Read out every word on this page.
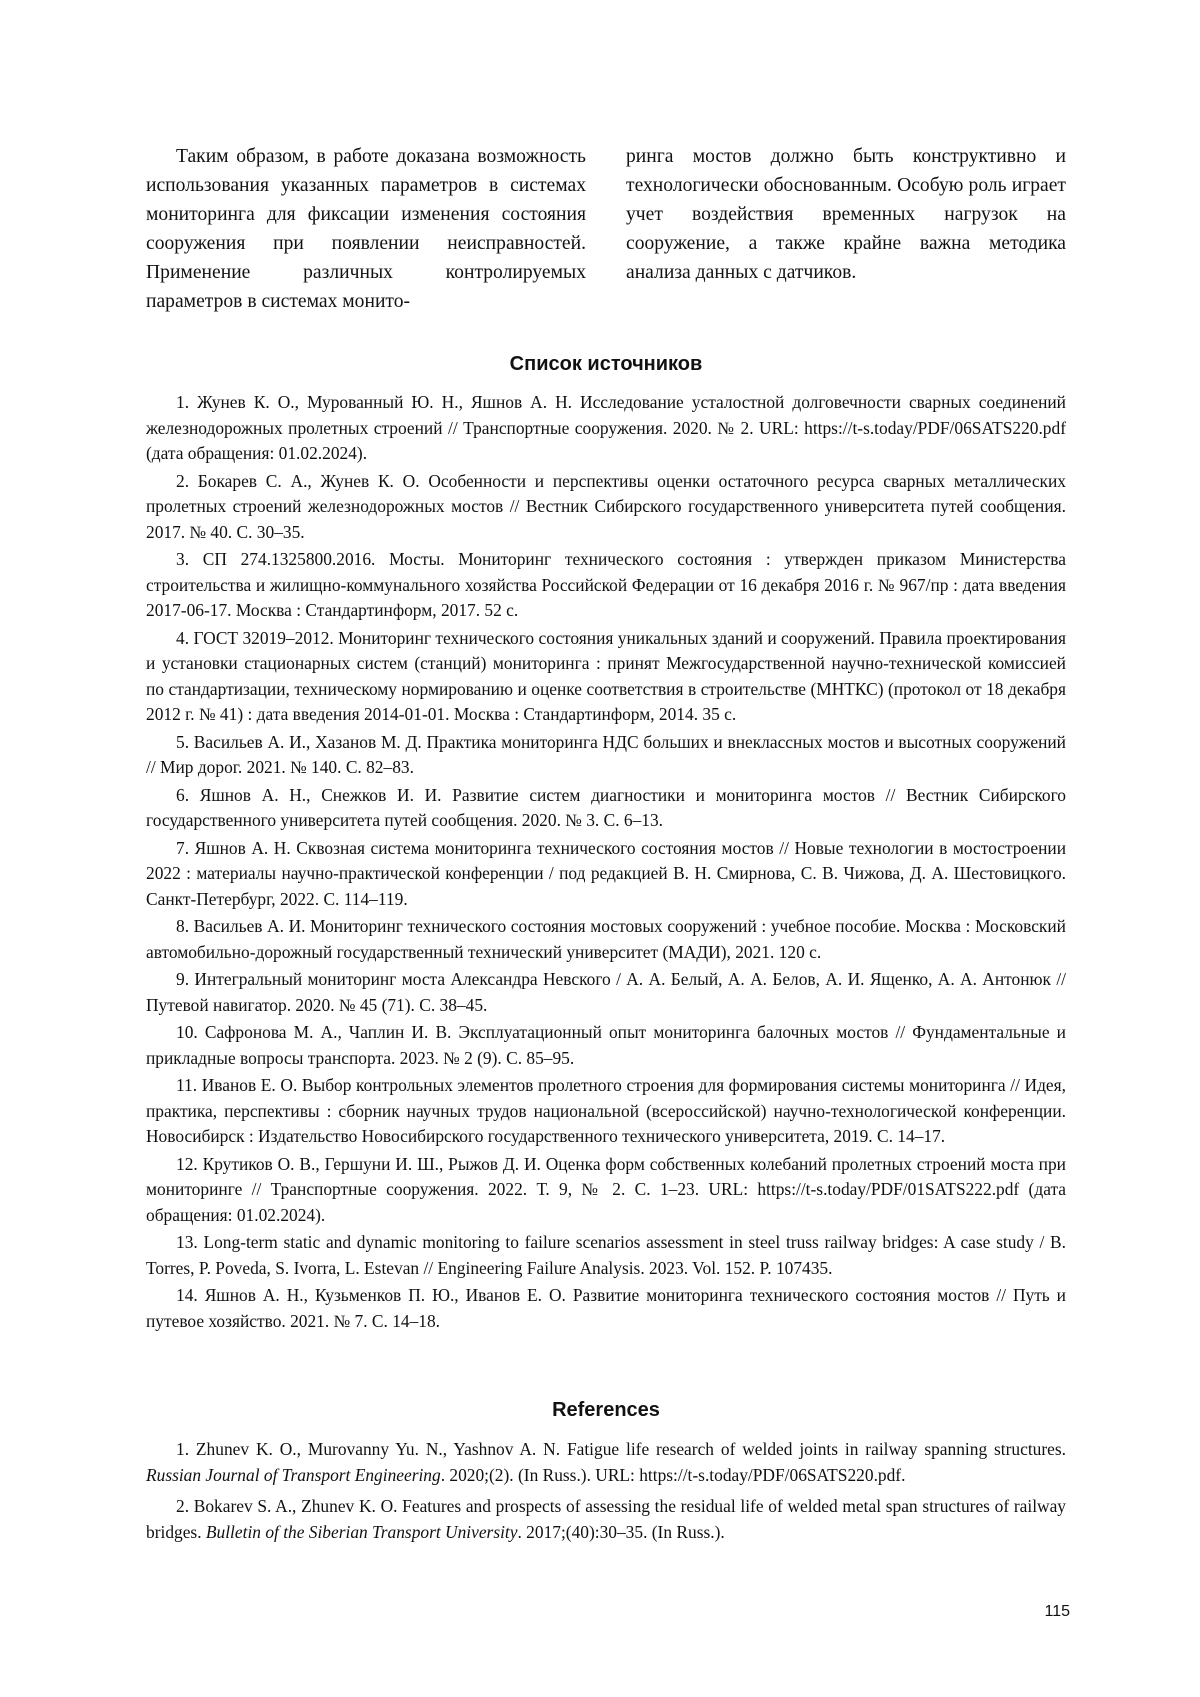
Таким образом, в работе доказана возможность использования указанных параметров в системах мониторинга для фиксации изменения состояния сооружения при появлении неисправностей. Применение различных контролируемых параметров в системах монито-

ринга мостов должно быть конструктивно и технологически обоснованным. Особую роль играет учет воздействия временных нагрузок на сооружение, а также крайне важна методика анализа данных с датчиков.

Список источников

1. Жунев К. О., Мурованный Ю. Н., Яшнов А. Н. Исследование усталостной долговечности сварных соединений железнодорожных пролетных строений // Транспортные сооружения. 2020. № 2. URL: https://t-s.today/PDF/06SATS220.pdf (дата обращения: 01.02.2024).

2. Бокарев С. А., Жунев К. О. Особенности и перспективы оценки остаточного ресурса сварных металлических пролетных строений железнодорожных мостов // Вестник Сибирского государственного университета путей сообщения. 2017. № 40. С. 30–35.

3. СП 274.1325800.2016. Мосты. Мониторинг технического состояния : утвержден приказом Министерства строительства и жилищно-коммунального хозяйства Российской Федерации от 16 декабря 2016 г. № 967/пр : дата введения 2017-06-17. Москва : Стандартинформ, 2017. 52 с.

4. ГОСТ 32019–2012. Мониторинг технического состояния уникальных зданий и сооружений. Правила проектирования и установки стационарных систем (станций) мониторинга : принят Межгосударственной научно-технической комиссией по стандартизации, техническому нормированию и оценке соответствия в строительстве (МНТКС) (протокол от 18 декабря 2012 г. № 41) : дата введения 2014-01-01. Москва : Стандартинформ, 2014. 35 с.

5. Васильев А. И., Хазанов М. Д. Практика мониторинга НДС больших и внеклассных мостов и высотных сооружений // Мир дорог. 2021. № 140. С. 82–83.

6. Яшнов А. Н., Снежков И. И. Развитие систем диагностики и мониторинга мостов // Вестник Сибирского государственного университета путей сообщения. 2020. № 3. С. 6–13.

7. Яшнов А. Н. Сквозная система мониторинга технического состояния мостов // Новые технологии в мостостроении 2022 : материалы научно-практической конференции / под редакцией В. Н. Смирнова, С. В. Чижова, Д. А. Шестовицкого. Санкт-Петербург, 2022. С. 114–119.

8. Васильев А. И. Мониторинг технического состояния мостовых сооружений : учебное пособие. Москва : Московский автомобильно-дорожный государственный технический университет (МАДИ), 2021. 120 с.

9. Интегральный мониторинг моста Александра Невского / А. А. Белый, А. А. Белов, А. И. Ященко, А. А. Антонюк // Путевой навигатор. 2020. № 45 (71). С. 38–45.

10. Сафронова М. А., Чаплин И. В. Эксплуатационный опыт мониторинга балочных мостов // Фундаментальные и прикладные вопросы транспорта. 2023. № 2 (9). С. 85–95.

11. Иванов Е. О. Выбор контрольных элементов пролетного строения для формирования системы мониторинга // Идея, практика, перспективы : сборник научных трудов национальной (всероссийской) научно-технологической конференции. Новосибирск : Издательство Новосибирского государственного технического университета, 2019. С. 14–17.

12. Крутиков О. В., Гершуни И. Ш., Рыжов Д. И. Оценка форм собственных колебаний пролетных строений моста при мониторинге // Транспортные сооружения. 2022. Т. 9, № 2. С. 1–23. URL: https://t-s.today/PDF/01SATS222.pdf (дата обращения: 01.02.2024).

13. Long-term static and dynamic monitoring to failure scenarios assessment in steel truss railway bridges: A case study / B. Torres, P. Poveda, S. Ivorra, L. Estevan // Engineering Failure Analysis. 2023. Vol. 152. P. 107435.

14. Яшнов А. Н., Кузьменков П. Ю., Иванов Е. О. Развитие мониторинга технического состояния мостов // Путь и путевое хозяйство. 2021. № 7. С. 14–18.

References

1. Zhunev K. O., Murovanny Yu. N., Yashnov A. N. Fatigue life research of welded joints in railway spanning structures. Russian Journal of Transport Engineering. 2020;(2). (In Russ.). URL: https://t-s.today/PDF/06SATS220.pdf.

2. Bokarev S. A., Zhunev K. O. Features and prospects of assessing the residual life of welded metal span structures of railway bridges. Bulletin of the Siberian Transport University. 2017;(40):30–35. (In Russ.).

115
